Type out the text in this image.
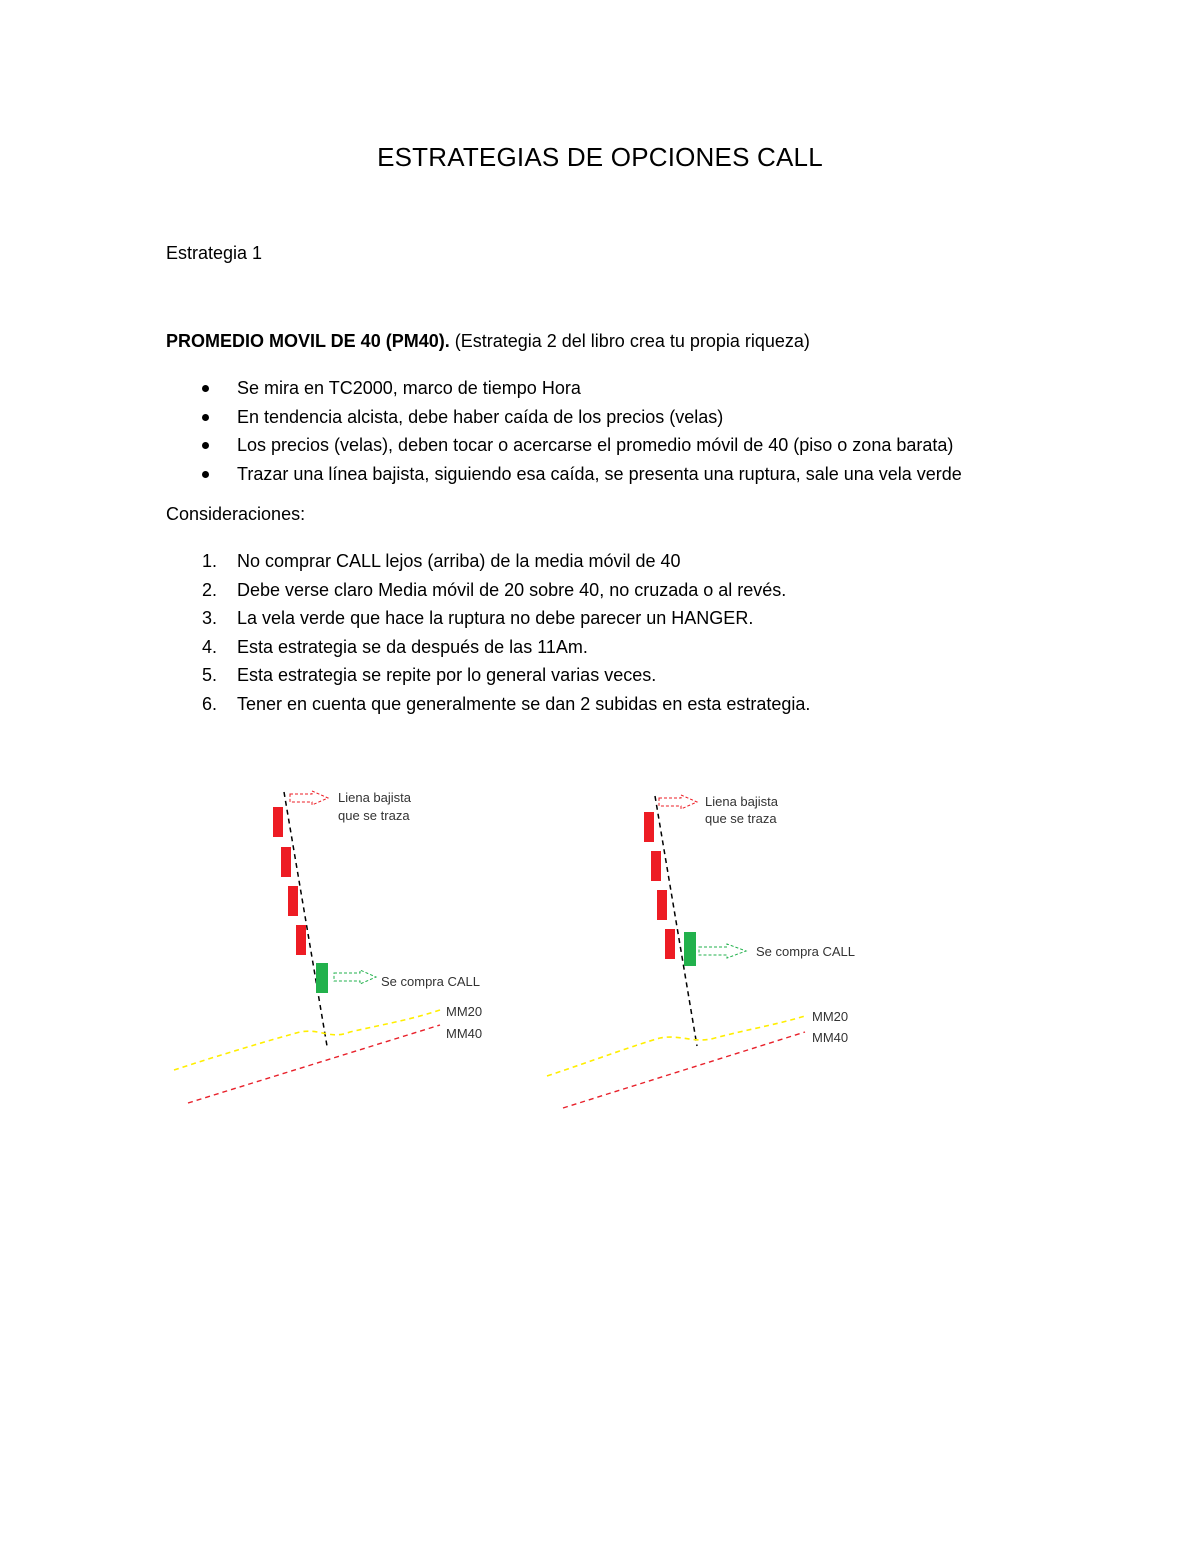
ESTRATEGIAS DE OPCIONES CALL
Estrategia 1
PROMEDIO MOVIL DE 40 (PM40). (Estrategia 2 del libro crea tu propia riqueza)
Se mira en TC2000, marco de tiempo Hora
En tendencia alcista, debe haber caída de los precios (velas)
Los precios (velas), deben tocar o acercarse el promedio móvil de 40 (piso o zona barata)
Trazar una línea bajista, siguiendo esa caída, se presenta una ruptura, sale una vela verde
Consideraciones:
1. No comprar CALL lejos (arriba) de la media móvil de 40
2. Debe verse claro Media móvil de 20 sobre 40, no cruzada o al revés.
3. La vela verde que hace la ruptura no debe parecer un HANGER.
4. Esta estrategia se da después de las 11Am.
5. Esta estrategia se repite por lo general varias veces.
6. Tener en cuenta que generalmente se dan 2 subidas en esta estrategia.
Liena bajista
que se traza
Se compra CALL
MM20
MM40
Liena bajista
que se traza
Se compra CALL
MM20
MM40
